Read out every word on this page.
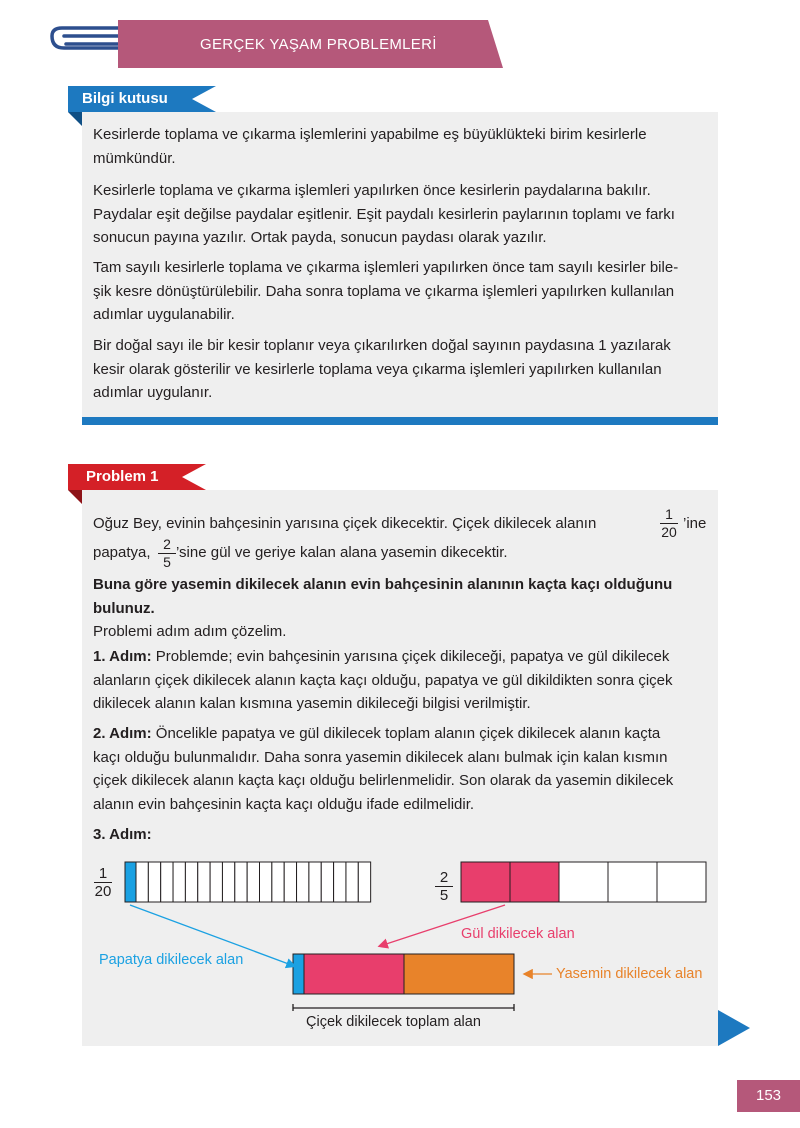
GERÇEK YAŞAM PROBLEMLERİ
Bilgi kutusu
Kesirlerde toplama ve çıkarma işlemlerini yapabilme eş büyüklükteki birim kesirlerle
mümkündür.
Kesirlerle toplama ve çıkarma işlemleri yapılırken önce kesirlerin paydalarına bakılır.
Paydalar eşit değilse paydalar eşitlenir. Eşit paydalı kesirlerin paylarının toplamı ve farkı
sonucun payına yazılır. Ortak payda, sonucun paydası olarak yazılır.
Tam sayılı kesirlerle toplama ve çıkarma işlemleri yapılırken önce tam sayılı kesirler bile-
şik kesre dönüştürülebilir. Daha sonra toplama ve çıkarma işlemleri yapılırken kullanılan
adımlar uygulanabilir.
Bir doğal sayı ile bir kesir toplanır veya çıkarılırken doğal sayının paydasına 1 yazılarak
kesir olarak gösterilir ve kesirlerle toplama veya çıkarma işlemleri yapılırken kullanılan
adımlar uygulanır.
Problem 1
Oğuz Bey, evinin bahçesinin yarısına çiçek dikecektir. Çiçek dikilecek alanın
1
20 ’ine
papatya, 2
5
’sine gül ve geriye kalan alana yasemin dikecektir.
Buna göre yasemin dikilecek alanın evin bahçesinin alanının kaçta kaçı olduğunu
bulunuz.
Problemi adım adım çözelim.
1. Adım: Problemde; evin bahçesinin yarısına çiçek dikileceği, papatya ve gül dikilecek
alanların çiçek dikilecek alanın kaçta kaçı olduğu, papatya ve gül dikildikten sonra çiçek
dikilecek alanın kalan kısmına yasemin dikileceği bilgisi verilmiştir.
2. Adım: Öncelikle papatya ve gül dikilecek toplam alanın çiçek dikilecek alanın kaçta
kaçı olduğu bulunmalıdır. Daha sonra yasemin dikilecek alanı bulmak için kalan kısmın
çiçek dikilecek alanın kaçta kaçı olduğu belirlenmelidir. Son olarak da yasemin dikilecek
alanın evin bahçesinin kaçta kaçı olduğu ifade edilmelidir.
3. Adım:
1
20
2
5
Papatya dikilecek alan
Gül dikilecek alan
Yasemin dikilecek alan
Çiçek dikilecek toplam alan
153
